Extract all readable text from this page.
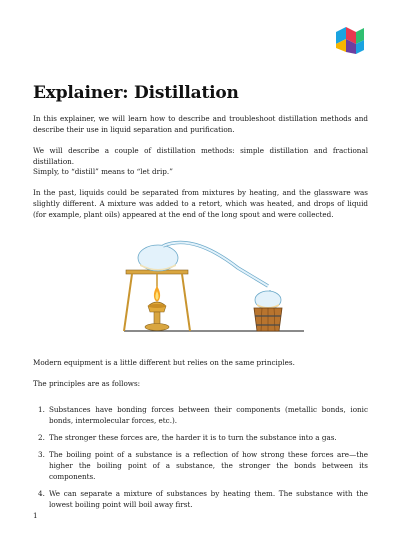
Explainer: Distillation

In this explainer, we will learn how to describe and troubleshoot distillation methods and describe their use in liquid separation and purification.

We will describe a couple of distillation methods: simple distillation and fractional distillation.

Simply, to “distill” means to “let drip.”

In the past, liquids could be separated from mixtures by heating, and the glassware was slightly different. A mixture was added to a retort, which was heated, and drops of liquid (for example, plant oils) appeared at the end of the long spout and were collected.

Modern equipment is a little different but relies on the same principles.

The principles are as follows:

1. Substances have bonding forces between their components (metallic bonds, ionic bonds, intermolecular forces, etc.).
2. The stronger these forces are, the harder it is to turn the substance into a gas.
3. The boiling point of a substance is a reflection of how strong these forces are—the higher the boiling point of a substance, the stronger the bonds between its components.
4. We can separate a mixture of substances by heating them. The substance with the lowest boiling point will boil away first.
1
